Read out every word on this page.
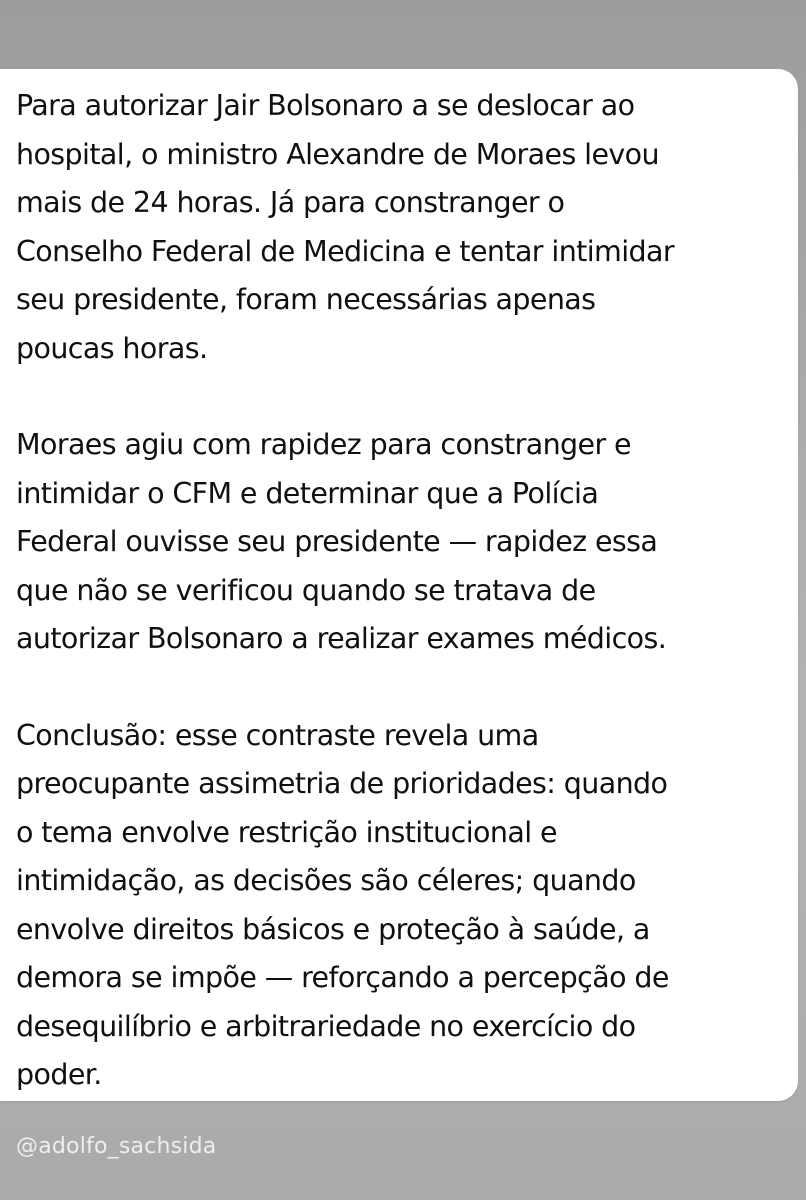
Para autorizar Jair Bolsonaro a se deslocar ao
hospital, o ministro Alexandre de Moraes levou
mais de 24 horas. Já para constranger o
Conselho Federal de Medicina e tentar intimidar
seu presidente, foram necessárias apenas
poucas horas.

Moraes agiu com rapidez para constranger e
intimidar o CFM e determinar que a Polícia
Federal ouvisse seu presidente — rapidez essa
que não se verificou quando se tratava de
autorizar Bolsonaro a realizar exames médicos.

Conclusão: esse contraste revela uma
preocupante assimetria de prioridades: quando
o tema envolve restrição institucional e
intimidação, as decisões são céleres; quando
envolve direitos básicos e proteção à saúde, a
demora se impõe — reforçando a percepção de
desequilíbrio e arbitrariedade no exercício do
poder.

@adolfo_sachsida
